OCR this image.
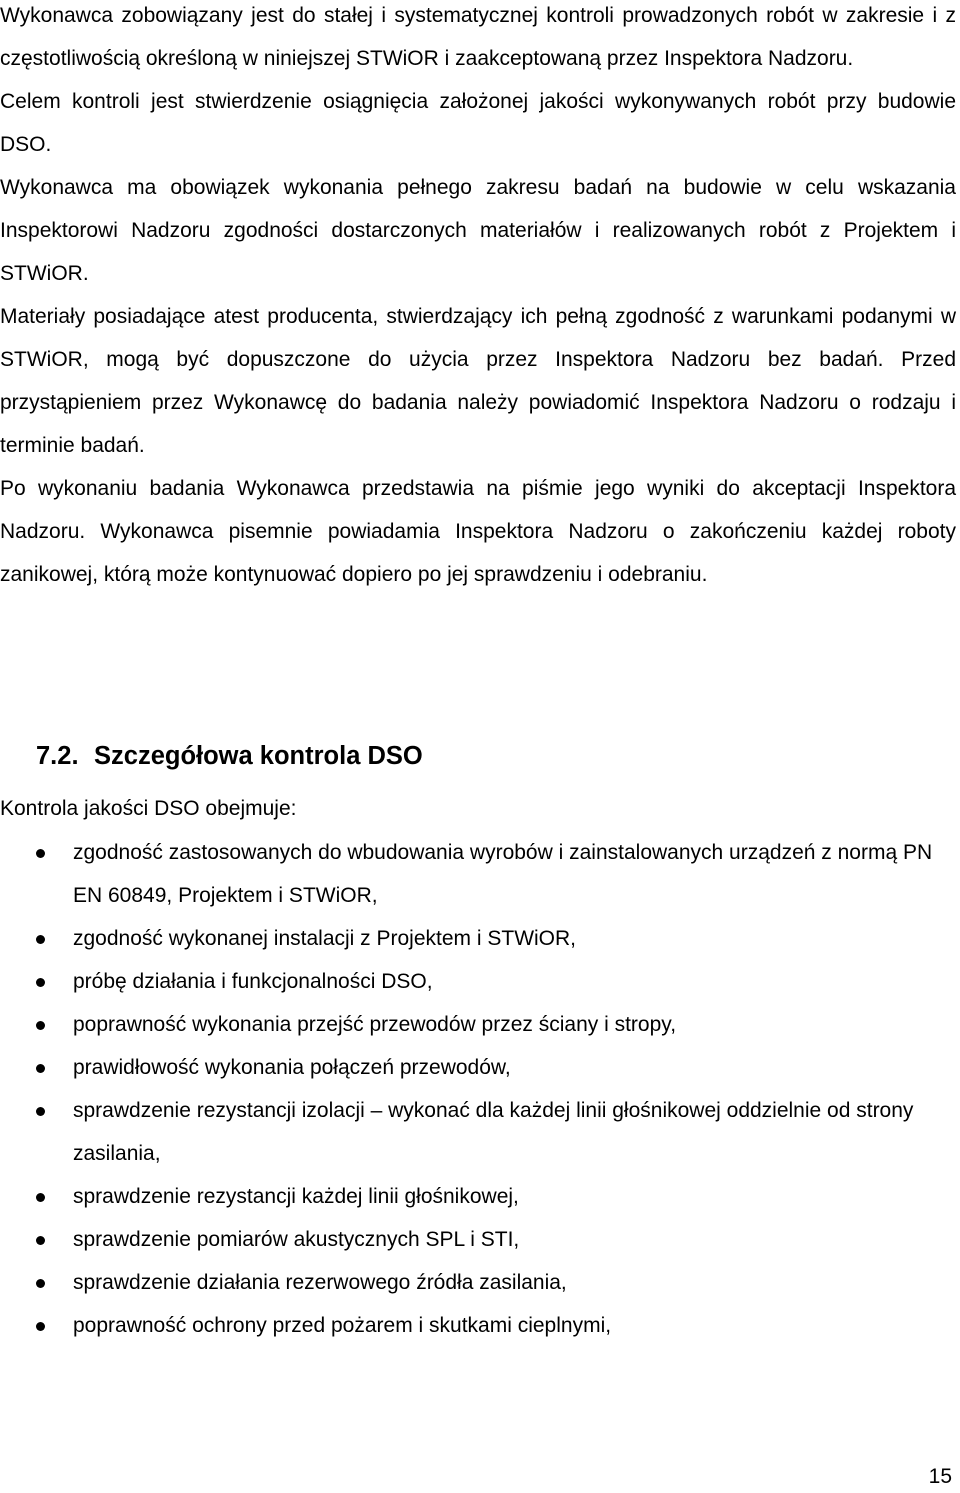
Wykonawca zobowiązany jest do stałej i systematycznej kontroli prowadzonych robót w zakresie i z częstotliwością określoną w niniejszej STWiOR i zaakceptowaną przez Inspektora Nadzoru.

Celem kontroli jest stwierdzenie osiągnięcia założonej jakości wykonywanych robót przy budowie DSO.

Wykonawca ma obowiązek wykonania pełnego zakresu badań na budowie w celu wskazania Inspektorowi Nadzoru zgodności dostarczonych materiałów i realizowanych robót z Projektem i STWiOR.

Materiały posiadające atest producenta, stwierdzający ich pełną zgodność z warunkami podanymi w STWiOR, mogą być dopuszczone do użycia przez Inspektora Nadzoru bez badań. Przed przystąpieniem przez Wykonawcę do badania należy powiadomić Inspektora Nadzoru o rodzaju i terminie badań.

Po wykonaniu badania Wykonawca przedstawia na piśmie jego wyniki do akceptacji Inspektora Nadzoru. Wykonawca pisemnie powiadamia Inspektora Nadzoru o zakończeniu każdej roboty zanikowej, którą może kontynuować dopiero po jej sprawdzeniu i odebraniu.

7.2. Szczegółowa kontrola DSO
Kontrola jakości DSO obejmuje:
zgodność zastosowanych do wbudowania wyrobów i zainstalowanych urządzeń z normą PN EN 60849, Projektem i STWiOR,
zgodność wykonanej instalacji z Projektem i STWiOR,
próbę działania i funkcjonalności DSO,
poprawność wykonania przejść przewodów przez ściany i stropy,
prawidłowość wykonania połączeń przewodów,
sprawdzenie rezystancji izolacji – wykonać dla każdej linii głośnikowej oddzielnie od strony zasilania,
sprawdzenie rezystancji każdej linii głośnikowej,
sprawdzenie pomiarów akustycznych SPL i STI,
sprawdzenie działania rezerwowego źródła zasilania,
poprawność ochrony przed pożarem i skutkami cieplnymi,
15
